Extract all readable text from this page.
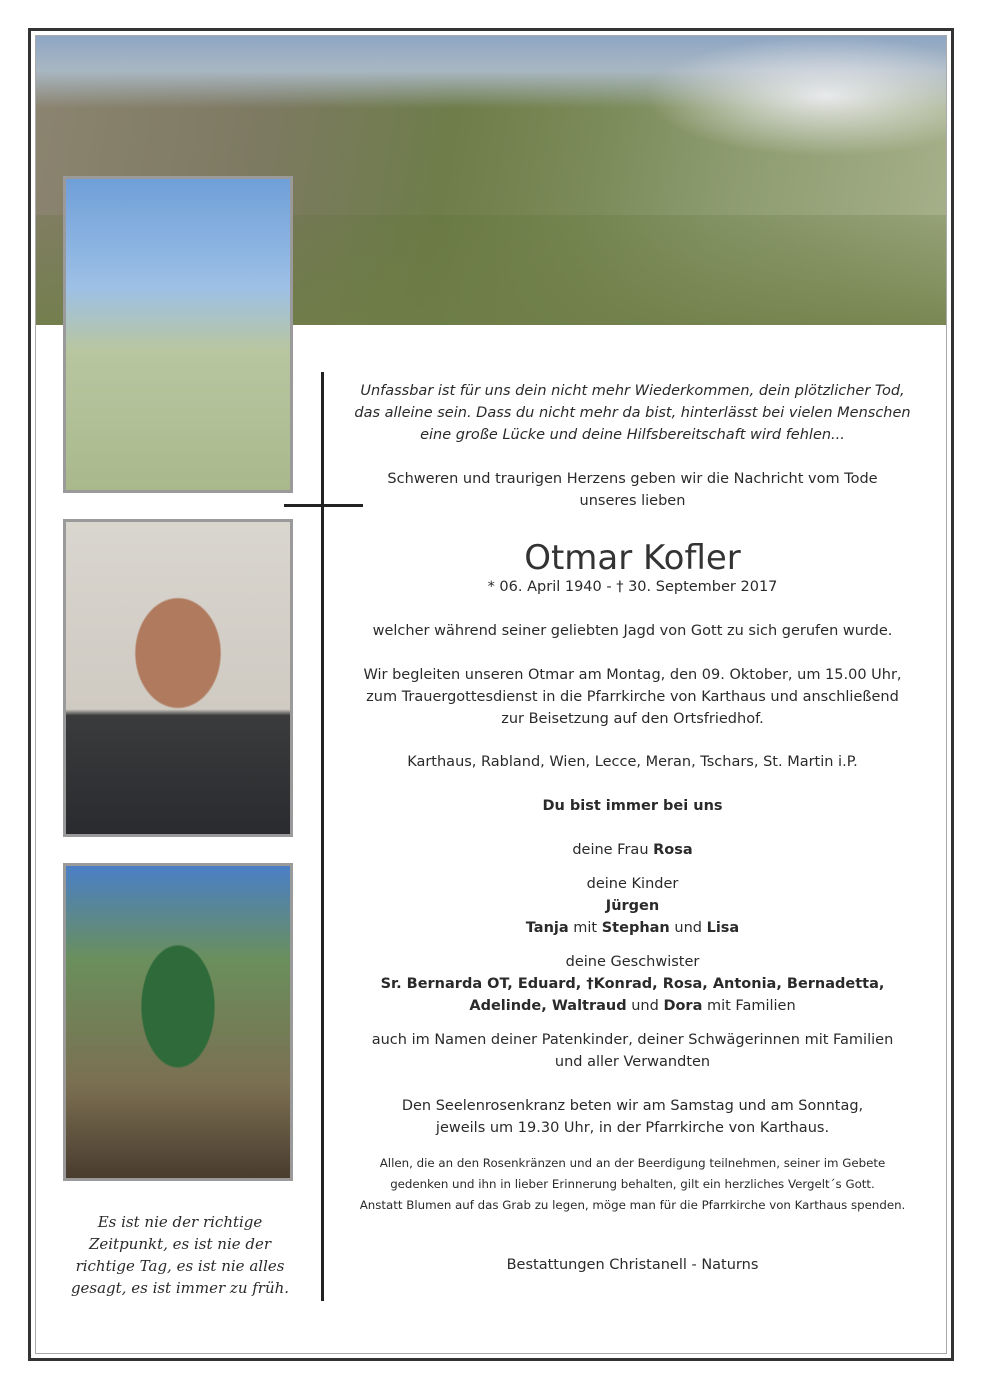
Es ist nie der richtige
Zeitpunkt, es ist nie der
richtige Tag, es ist nie alles
gesagt, es ist immer zu früh.

Unfassbar ist für uns dein nicht mehr Wiederkommen, dein plötzlicher Tod,
das alleine sein. Dass du nicht mehr da bist, hinterlässt bei vielen Menschen
eine große Lücke und deine Hilfsbereitschaft wird fehlen...

Schweren und traurigen Herzens geben wir die Nachricht vom Tode
unseres lieben

Otmar Kofler

* 06. April 1940 - † 30. September 2017

welcher während seiner geliebten Jagd von Gott zu sich gerufen wurde.

Wir begleiten unseren Otmar am Montag, den 09. Oktober, um 15.00 Uhr,
zum Trauergottesdienst in die Pfarrkirche von Karthaus und anschließend
zur Beisetzung auf den Ortsfriedhof.

Karthaus, Rabland, Wien, Lecce, Meran, Tschars, St. Martin i.P.

Du bist immer bei uns

deine Frau Rosa

deine Kinder
Jürgen
Tanja mit Stephan und Lisa

deine Geschwister
Sr. Bernarda OT, Eduard, †Konrad, Rosa, Antonia, Bernadetta,
Adelinde, Waltraud und Dora mit Familien

auch im Namen deiner Patenkinder, deiner Schwägerinnen mit Familien
und aller Verwandten

Den Seelenrosenkranz beten wir am Samstag und am Sonntag,
jeweils um 19.30 Uhr, in der Pfarrkirche von Karthaus.

Allen, die an den Rosenkränzen und an der Beerdigung teilnehmen, seiner im Gebete
gedenken und ihn in lieber Erinnerung behalten, gilt ein herzliches Vergelt´s Gott.
Anstatt Blumen auf das Grab zu legen, möge man für die Pfarrkirche von Karthaus spenden.

Bestattungen Christanell - Naturns
